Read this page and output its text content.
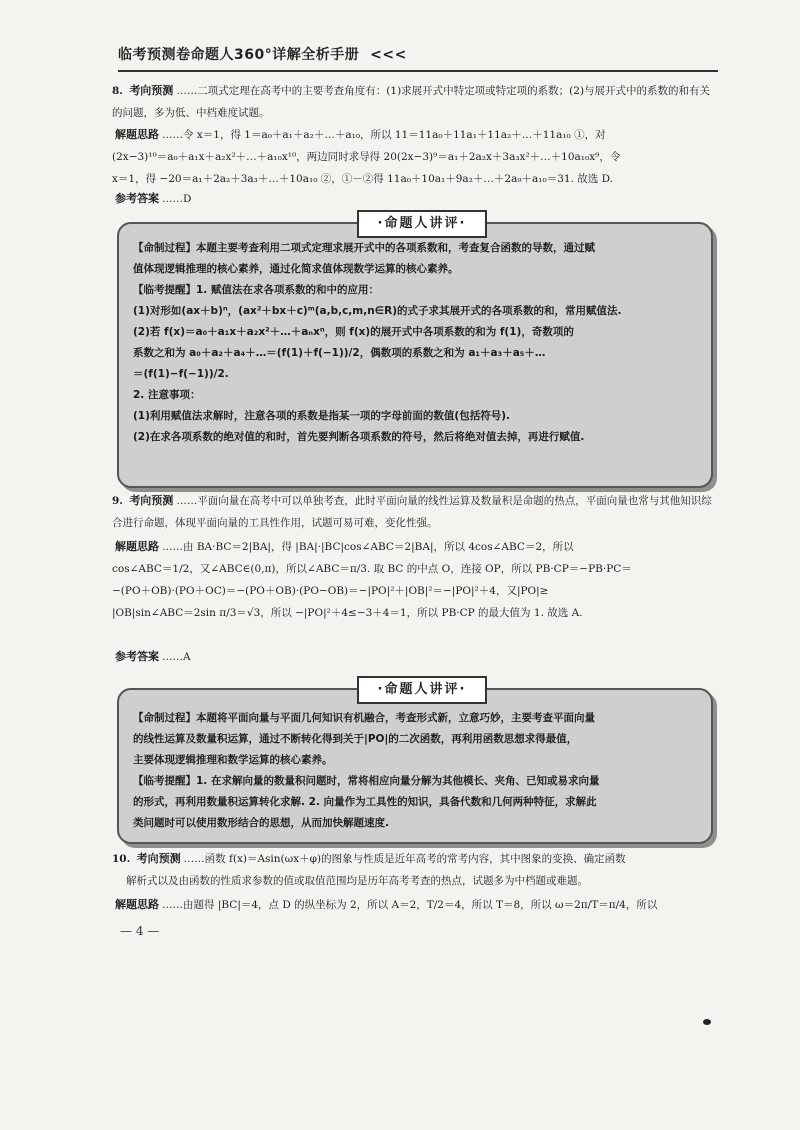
临考预测卷命题人360°详解全析手册 <<<
8. 考向预测 ……二项式定理在高考中的主要考查角度有：(1)求展开式中特定项或特定项的系数；(2)与展开式中的系数的和有关的问题，多为低、中档难度试题。
解题思路 ……令 x＝1，得 1＝a₀＋a₁＋a₂＋…＋a₁₀，所以 11＝11a₀＋11a₁＋11a₂＋…＋11a₁₀ ①，对
(2x−3)¹⁰＝a₀＋a₁x＋a₂x²＋…＋a₁₀x¹⁰，两边同时求导得 20(2x−3)⁹＝a₁＋2a₂x＋3a₃x²＋…＋10a₁₀x⁹，令
x＝1，得 −20＝a₁＋2a₂＋3a₃＋…＋10a₁₀ ②，①－②得 11a₀＋10a₁＋9a₂＋…＋2a₉＋a₁₀＝31. 故选 D.
参考答案 ……D
·命题人讲评·
【命制过程】本题主要考查利用二项式定理求展开式中的各项系数和，考查复合函数的导数，通过赋
值体现逻辑推理的核心素养，通过化简求值体现数学运算的核心素养。
【临考提醒】1. 赋值法在求各项系数的和中的应用：
(1)对形如(ax＋b)ⁿ，(ax²＋bx＋c)ᵐ(a,b,c,m,n∈R)的式子求其展开式的各项系数的和，常用赋值法.
(2)若 f(x)＝a₀＋a₁x＋a₂x²＋…＋aₙxⁿ，则 f(x)的展开式中各项系数的和为 f(1)，奇数项的
系数之和为 a₀＋a₂＋a₄＋…＝(f(1)＋f(−1))/2，偶数项的系数之和为 a₁＋a₃＋a₅＋…
＝(f(1)−f(−1))/2.
2. 注意事项：
(1)利用赋值法求解时，注意各项的系数是指某一项的字母前面的数值(包括符号).
(2)在求各项系数的绝对值的和时，首先要判断各项系数的符号，然后将绝对值去掉，再进行赋值.
9. 考向预测 ……平面向量在高考中可以单独考查，此时平面向量的线性运算及数量积是命题的热点，平面向量也常与其他知识综合进行命题，体现平面向量的工具性作用，试题可易可难，变化性强。
解题思路 ……由 BA·BC＝2|BA|，得 |BA|·|BC|cos∠ABC＝2|BA|，所以 4cos∠ABC＝2，所以
cos∠ABC＝1/2，又∠ABC∈(0,π)，所以∠ABC＝π/3. 取 BC 的中点 O，连接 OP，所以 PB·CP＝−PB·PC＝
−(PO＋OB)·(PO＋OC)＝−(PO＋OB)·(PO−OB)＝−|PO|²＋|OB|²＝−|PO|²＋4，又|PO|≥
|OB|sin∠ABC＝2sin π/3＝√3，所以 −|PO|²＋4≤−3＋4＝1，所以 PB·CP 的最大值为 1. 故选 A.
参考答案 ……A
·命题人讲评·
【命制过程】本题将平面向量与平面几何知识有机融合，考查形式新，立意巧妙，主要考查平面向量
的线性运算及数量积运算，通过不断转化得到关于|PO|的二次函数，再利用函数思想求得最值，
主要体现逻辑推理和数学运算的核心素养。
【临考提醒】1. 在求解向量的数量积问题时，常将相应向量分解为其他模长、夹角、已知或易求向量
的形式，再利用数量积运算转化求解. 2. 向量作为工具性的知识，具备代数和几何两种特征，求解此
类问题时可以使用数形结合的思想，从而加快解题速度.
10. 考向预测 ……函数 f(x)＝Asin(ωx＋φ)的图象与性质是近年高考的常考内容，其中图象的变换、确定函数
解析式以及由函数的性质求参数的值或取值范围均是历年高考考查的热点，试题多为中档题或难题。
解题思路 ……由题得 |BC|＝4，点 D 的纵坐标为 2，所以 A＝2，T/2＝4，所以 T＝8，所以 ω＝2π/T＝π/4，所以
— 4 —
